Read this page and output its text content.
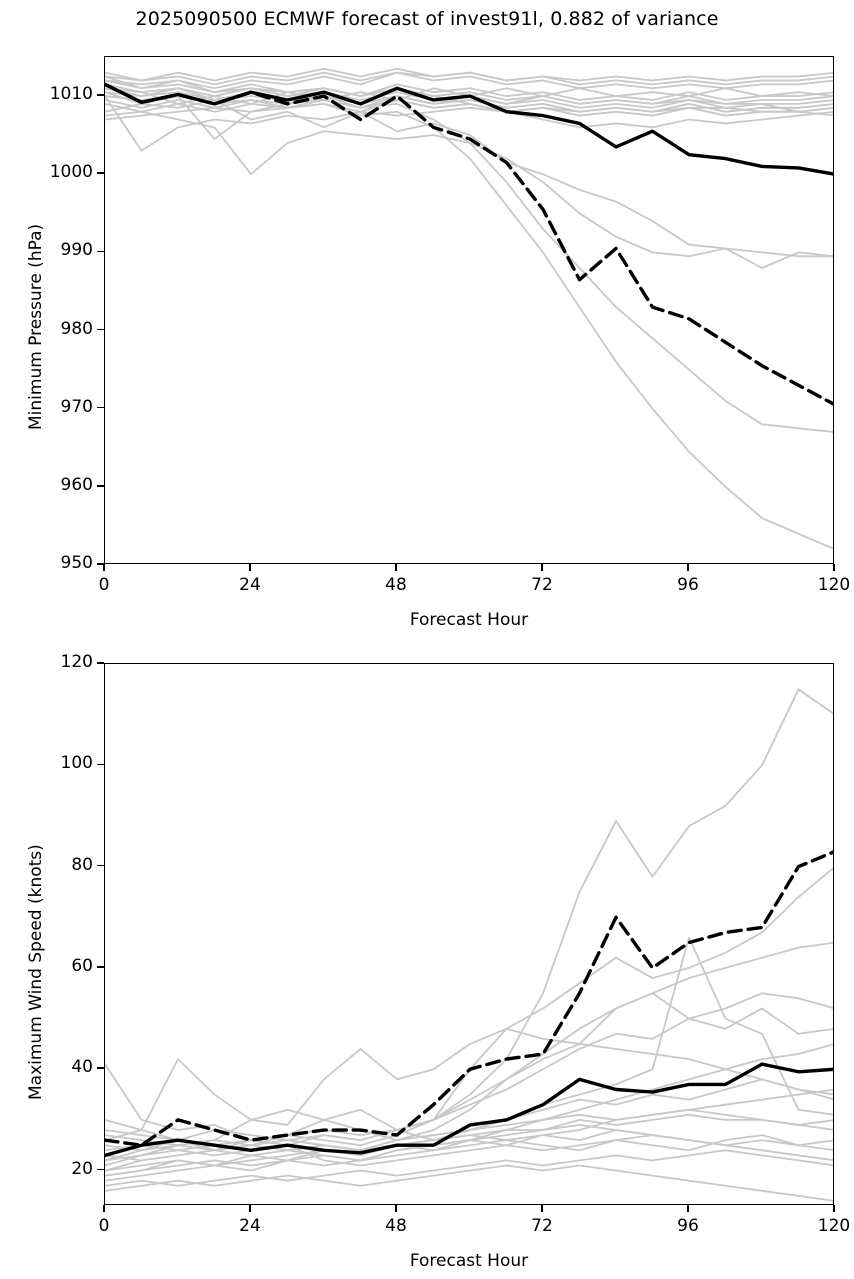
2025090500 ECMWF forecast of invest91l, 0.882 of variance
0	24	48	72	96	120
950
960
970
980
990
1000
1010
Forecast Hour
Minimum Pressure (hPa)
0	24	48	72	96	120
20
40
60
80
100
120
Forecast Hour
Maximum Wind Speed (knots)
